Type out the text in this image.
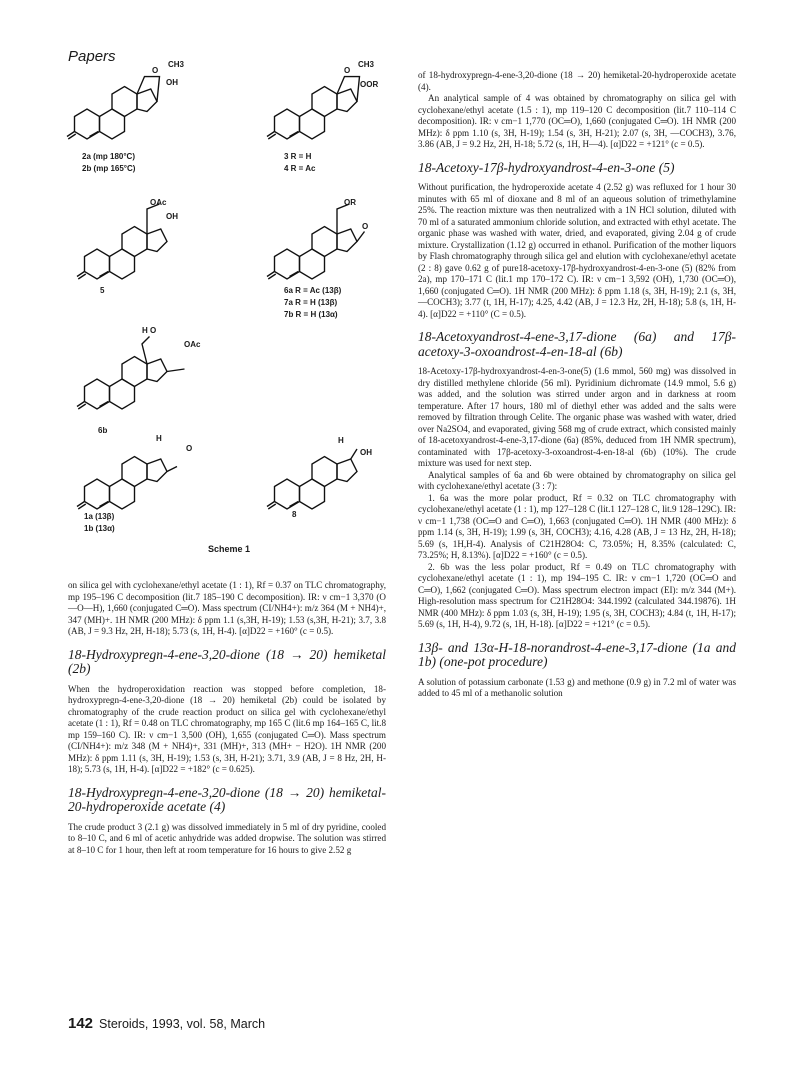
Papers
O
CH3
OH
O
CH3
OOR
OAc
OH
OR
O
H O
OAc
H
O
H
OH
2a (mp 180°C)
2b (mp 165°C)
3 R = H
4 R = Ac
5	6a R = Ac (13β)
7a R = H (13β)
7b R = H (13α)
6b
1a (13β)
1b (13α)
8
Scheme 1

on silica gel with cyclohexane/ethyl acetate (1 : 1), Rf = 0.37 on TLC chromatography, mp 195–196 C decomposition (lit.7 185–190 C decomposition). IR: ν cm−1 3,370 (O—O—H), 1,660 (conjugated C═O). Mass spectrum (CI/NH4+): m/z 364 (M + NH4)+, 347 (MH)+. 1H NMR (200 MHz): δ ppm 1.1 (s,3H, H-19); 1.53 (s,3H, H-21); 3.7, 3.8 (AB, J = 9.3 Hz, 2H, H-18); 5.73 (s, 1H, H-4). [α]D22 = +160° (c = 0.5).

18-Hydroxypregn-4-ene-3,20-dione (18 → 20) hemiketal (2b)

When the hydroperoxidation reaction was stopped before completion, 18-hydroxypregn-4-ene-3,20-dione (18 → 20) hemiketal (2b) could be isolated by chromatography of the crude reaction product on silica gel with cyclohexane/ethyl acetate (1 : 1), Rf = 0.48 on TLC chromatography, mp 165 C (lit.6 mp 164–165 C, lit.8 mp 159–160 C). IR: ν cm−1 3,500 (OH), 1,655 (conjugated C═O). Mass spectrum (CI/NH4+): m/z 348 (M + NH4)+, 331 (MH)+, 313 (MH+ − H2O). 1H NMR (200 MHz): δ ppm 1.11 (s, 3H, H-19); 1.53 (s, 3H, H-21); 3.71, 3.9 (AB, J = 8 Hz, 2H, H-18); 5.73 (s, 1H, H-4). [α]D22 = +182° (c = 0.625).

18-Hydroxypregn-4-ene-3,20-dione (18 → 20) hemiketal-20-hydroperoxide acetate (4)

The crude product 3 (2.1 g) was dissolved immediately in 5 ml of dry pyridine, cooled to 8–10 C, and 6 ml of acetic anhydride was added dropwise. The solution was stirred at 8–10 C for 1 hour, then left at room temperature for 16 hours to give 2.52 g

of 18-hydroxypregn-4-ene-3,20-dione (18 → 20) hemiketal-20-hydroperoxide acetate (4).

An analytical sample of 4 was obtained by chromatography on silica gel with cyclohexane/ethyl acetate (1.5 : 1), mp 119–120 C decomposition (lit.7 110–114 C decomposition). IR: ν cm−1 1,770 (OC═O), 1,660 (conjugated C═O). 1H NMR (200 MHz): δ ppm 1.10 (s, 3H, H-19); 1.54 (s, 3H, H-21); 2.07 (s, 3H, —COCH3), 3.76, 3.86 (AB, J = 9.2 Hz, 2H, H-18; 5.72 (s, 1H, H—4). [α]D22 = +121° (c = 0.5).

18-Acetoxy-17β-hydroxyandrost-4-en-3-one (5)

Without purification, the hydroperoxide acetate 4 (2.52 g) was refluxed for 1 hour 30 minutes with 65 ml of dioxane and 8 ml of an aqueous solution of trimethylamine 25%. The reaction mixture was then neutralized with a 1N HCl solution, diluted with 70 ml of a saturated ammonium chloride solution, and extracted with ethyl acetate. The organic phase was washed with water, dried, and evaporated, giving 2.04 g of crude mixture. Crystallization (1.12 g) occurred in ethanol. Purification of the mother liquors by Flash chromatography through silica gel and elution with cyclohexane/ethyl acetate (2 : 8) gave 0.62 g of pure18-acetoxy-17β-hydroxyandrost-4-en-3-one (5) (82% from 2a), mp 170–171 C (lit.1 mp 170–172 C). IR: ν cm−1 3,592 (OH), 1,730 (OC═O), 1,660 (conjugated C═O). 1H NMR (200 MHz): δ ppm 1.18 (s, 3H, H-19); 2.1 (s, 3H, —COCH3); 3.77 (t, 1H, H-17); 4.25, 4.42 (AB, J = 12.3 Hz, 2H, H-18); 5.8 (s, 1H, H-4). [α]D22 = +110° (C = 0.5).

18-Acetoxyandrost-4-ene-3,17-dione (6a) and 17β-acetoxy-3-oxoandrost-4-en-18-al (6b)

18-Acetoxy-17β-hydroxyandrost-4-en-3-one(5) (1.6 mmol, 560 mg) was dissolved in dry distilled methylene chloride (56 ml). Pyridinium dichromate (14.9 mmol, 5.6 g) was added, and the solution was stirred under argon and in darkness at room temperature. After 17 hours, 180 ml of diethyl ether was added and the salts were removed by filtration through Celite. The organic phase was washed with water, dried over Na2SO4, and evaporated, giving 568 mg of crude extract, which consisted mainly of 18-acetoxyandrost-4-ene-3,17-dione (6a) (85%, deduced from 1H NMR spectrum), contaminated with 17β-acetoxy-3-oxoandrost-4-en-18-al (6b) (10%). The crude mixture was used for next step.

Analytical samples of 6a and 6b were obtained by chromatography on silica gel with cyclohexane/ethyl acetate (3 : 7):

1. 6a was the more polar product, Rf = 0.32 on TLC chromatography with cyclohexane/ethyl acetate (1 : 1), mp 127–128 C (lit.1 127–128 C, lit.9 128–129C). IR: ν cm−1 1,738 (OC═O and C═O), 1,663 (conjugated C═O). 1H NMR (400 MHz): δ ppm 1.14 (s, 3H, H-19); 1.99 (s, 3H, COCH3); 4.16, 4.28 (AB, J = 13 Hz, 2H, H-18); 5.69 (s, 1H,H-4). Analysis of C21H28O4: C, 73.05%; H, 8.35% (calculated: C, 73.25%; H, 8.13%). [α]D22 = +160° (c = 0.5).

2. 6b was the less polar product, Rf = 0.49 on TLC chromatography with cyclohexane/ethyl acetate (1 : 1), mp 194–195 C. IR: ν cm−1 1,720 (OC═O and C═O), 1,662 (conjugated C═O). Mass spectrum electron impact (EI): m/z 344 (M+). High-resolution mass spectrum for C21H28O4: 344.1992 (calculated 344.19876). 1H NMR (400 MHz): δ ppm 1.03 (s, 3H, H-19); 1.95 (s, 3H, COCH3); 4.84 (t, 1H, H-17); 5.69 (s, 1H, H-4), 9.72 (s, 1H, H-18). [α]D22 = +121° (c = 0.5).

13β- and 13α-H-18-norandrost-4-ene-3,17-dione (1a and 1b) (one-pot procedure)

A solution of potassium carbonate (1.53 g) and methone (0.9 g) in 7.2 ml of water was added to 45 ml of a methanolic solution

142 Steroids, 1993, vol. 58, March
